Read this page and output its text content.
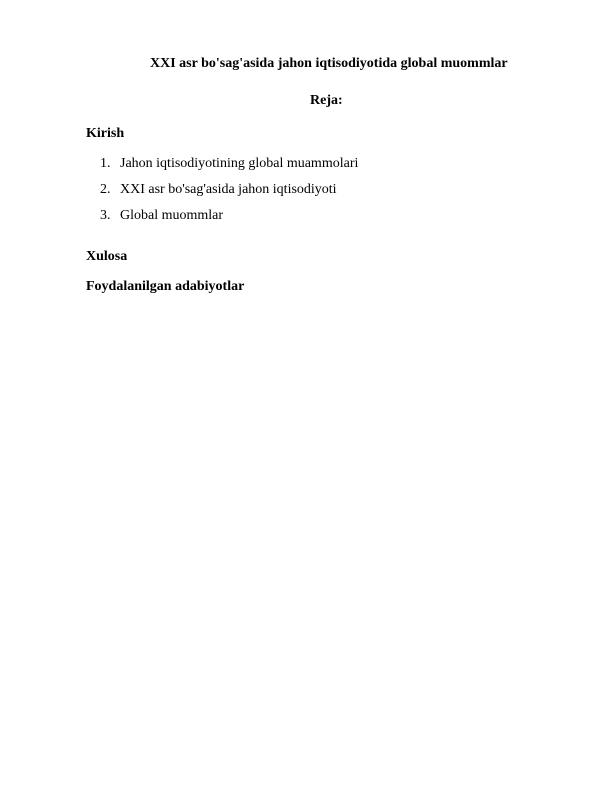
XXI asr bo'sag'asida jahon iqtisodiyotida global muommlar
Reja:
Kirish
1. Jahon iqtisodiyotining global muammolari
2. XXI asr bo'sag'asida jahon iqtisodiyoti
3. Global muommlar
Xulosa
Foydalanilgan adabiyotlar
